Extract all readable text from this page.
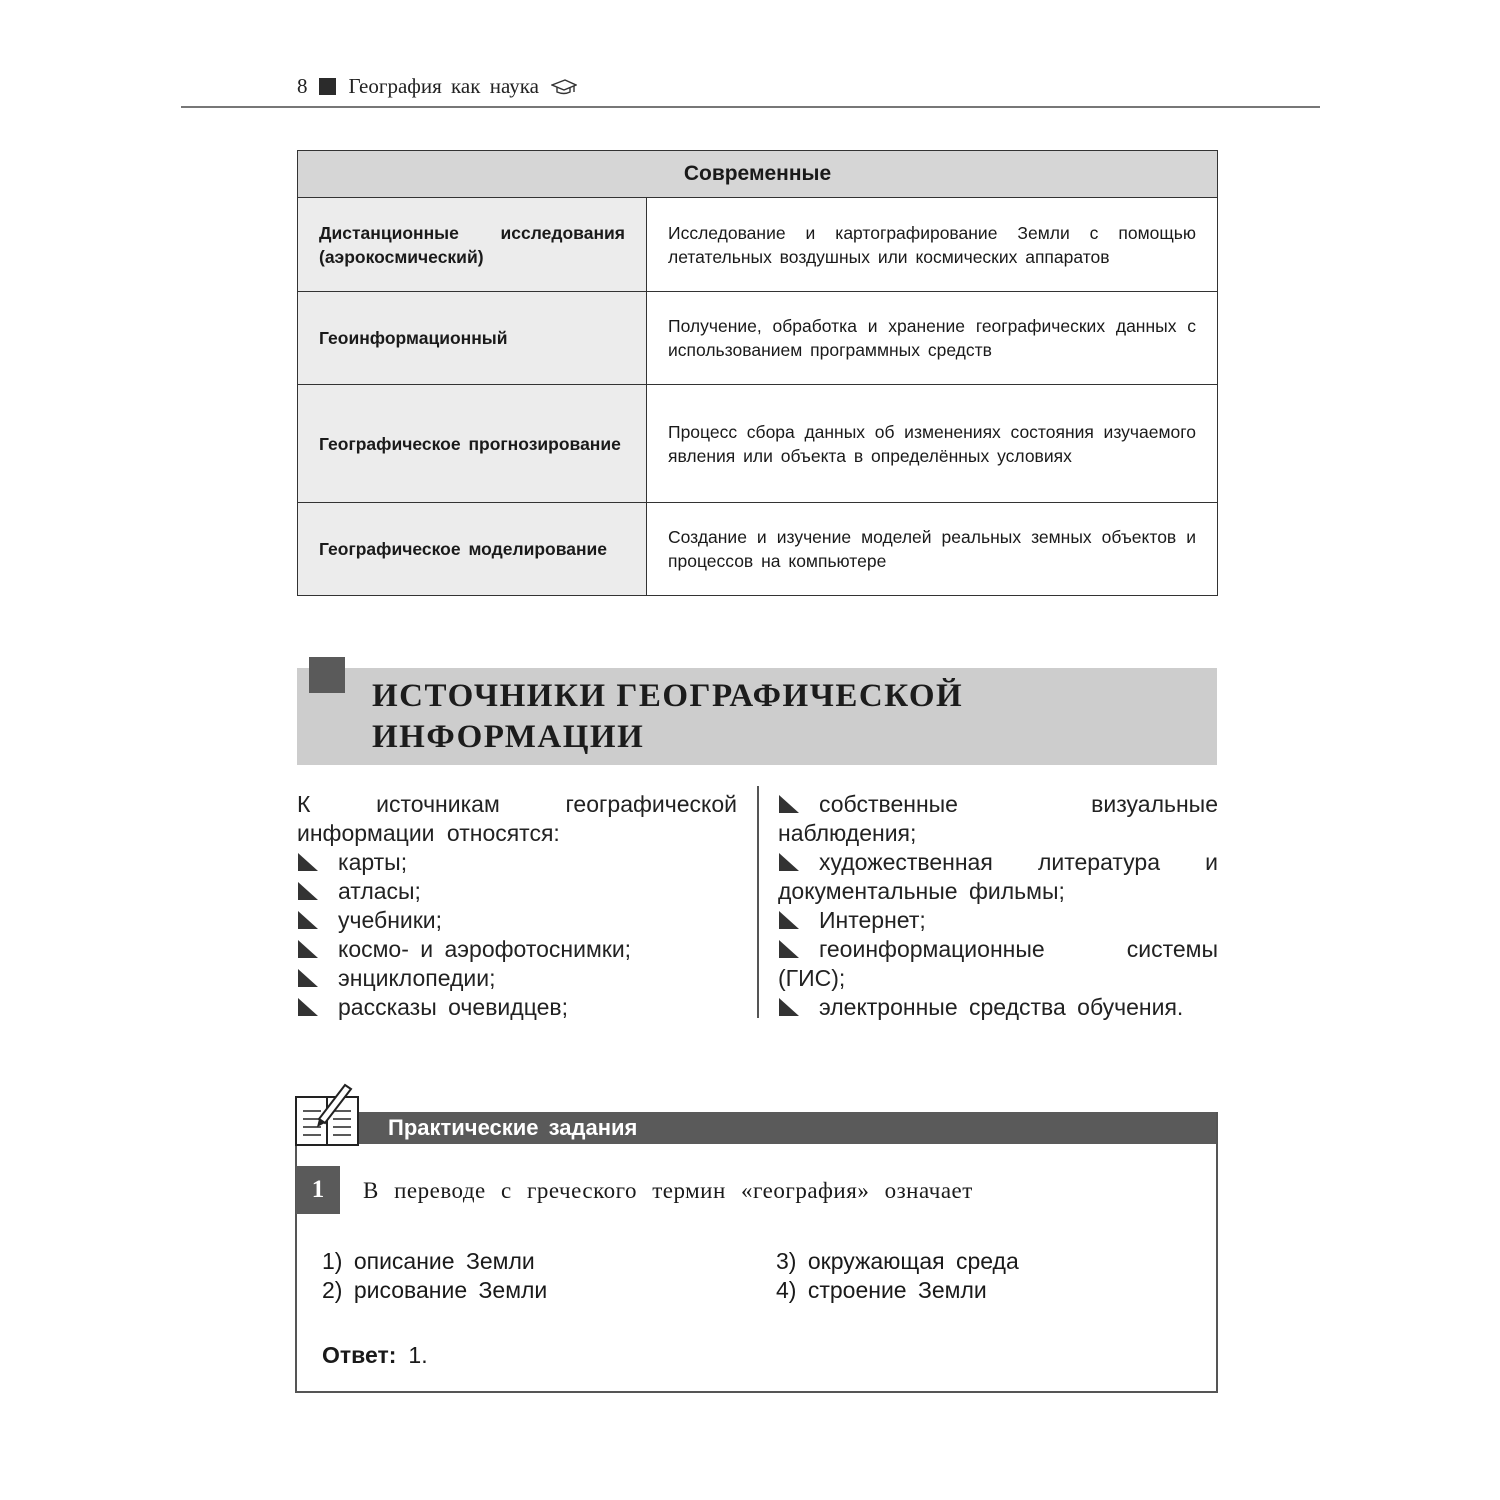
8 География как наука
Современные	
Дистанционные исследования (аэрокосмический)	Исследование и картографирование Земли с помощью летательных воздушных или космических аппаратов
Геоинформационный	Получение, обработка и хранение географических данных с использованием программных средств
Географическое прогнозирование	Процесс сбора данных об изменениях состояния изучаемого явления или объекта в определённых условиях
Географическое моделирование	Создание и изучение моделей реальных земных объектов и процессов на компьютере
ИСТОЧНИКИ ГЕОГРАФИЧЕСКОЙ
ИНФОРМАЦИИ
К источникам географической информации относятся:
карты;
атласы;
учебники;
космо- и аэрофотоснимки;
энциклопедии;
рассказы очевидцев;
собственные визуальные наблюдения;
художественная литература и документальные фильмы;
Интернет;
геоинформационные системы (ГИС);
электронные средства обучения.
Практические задания
1	В переводе с греческого термин «география» означает
1) описание Земли
2) рисование Земли
3) окружающая среда
4) строение Земли
Ответ: 1.
